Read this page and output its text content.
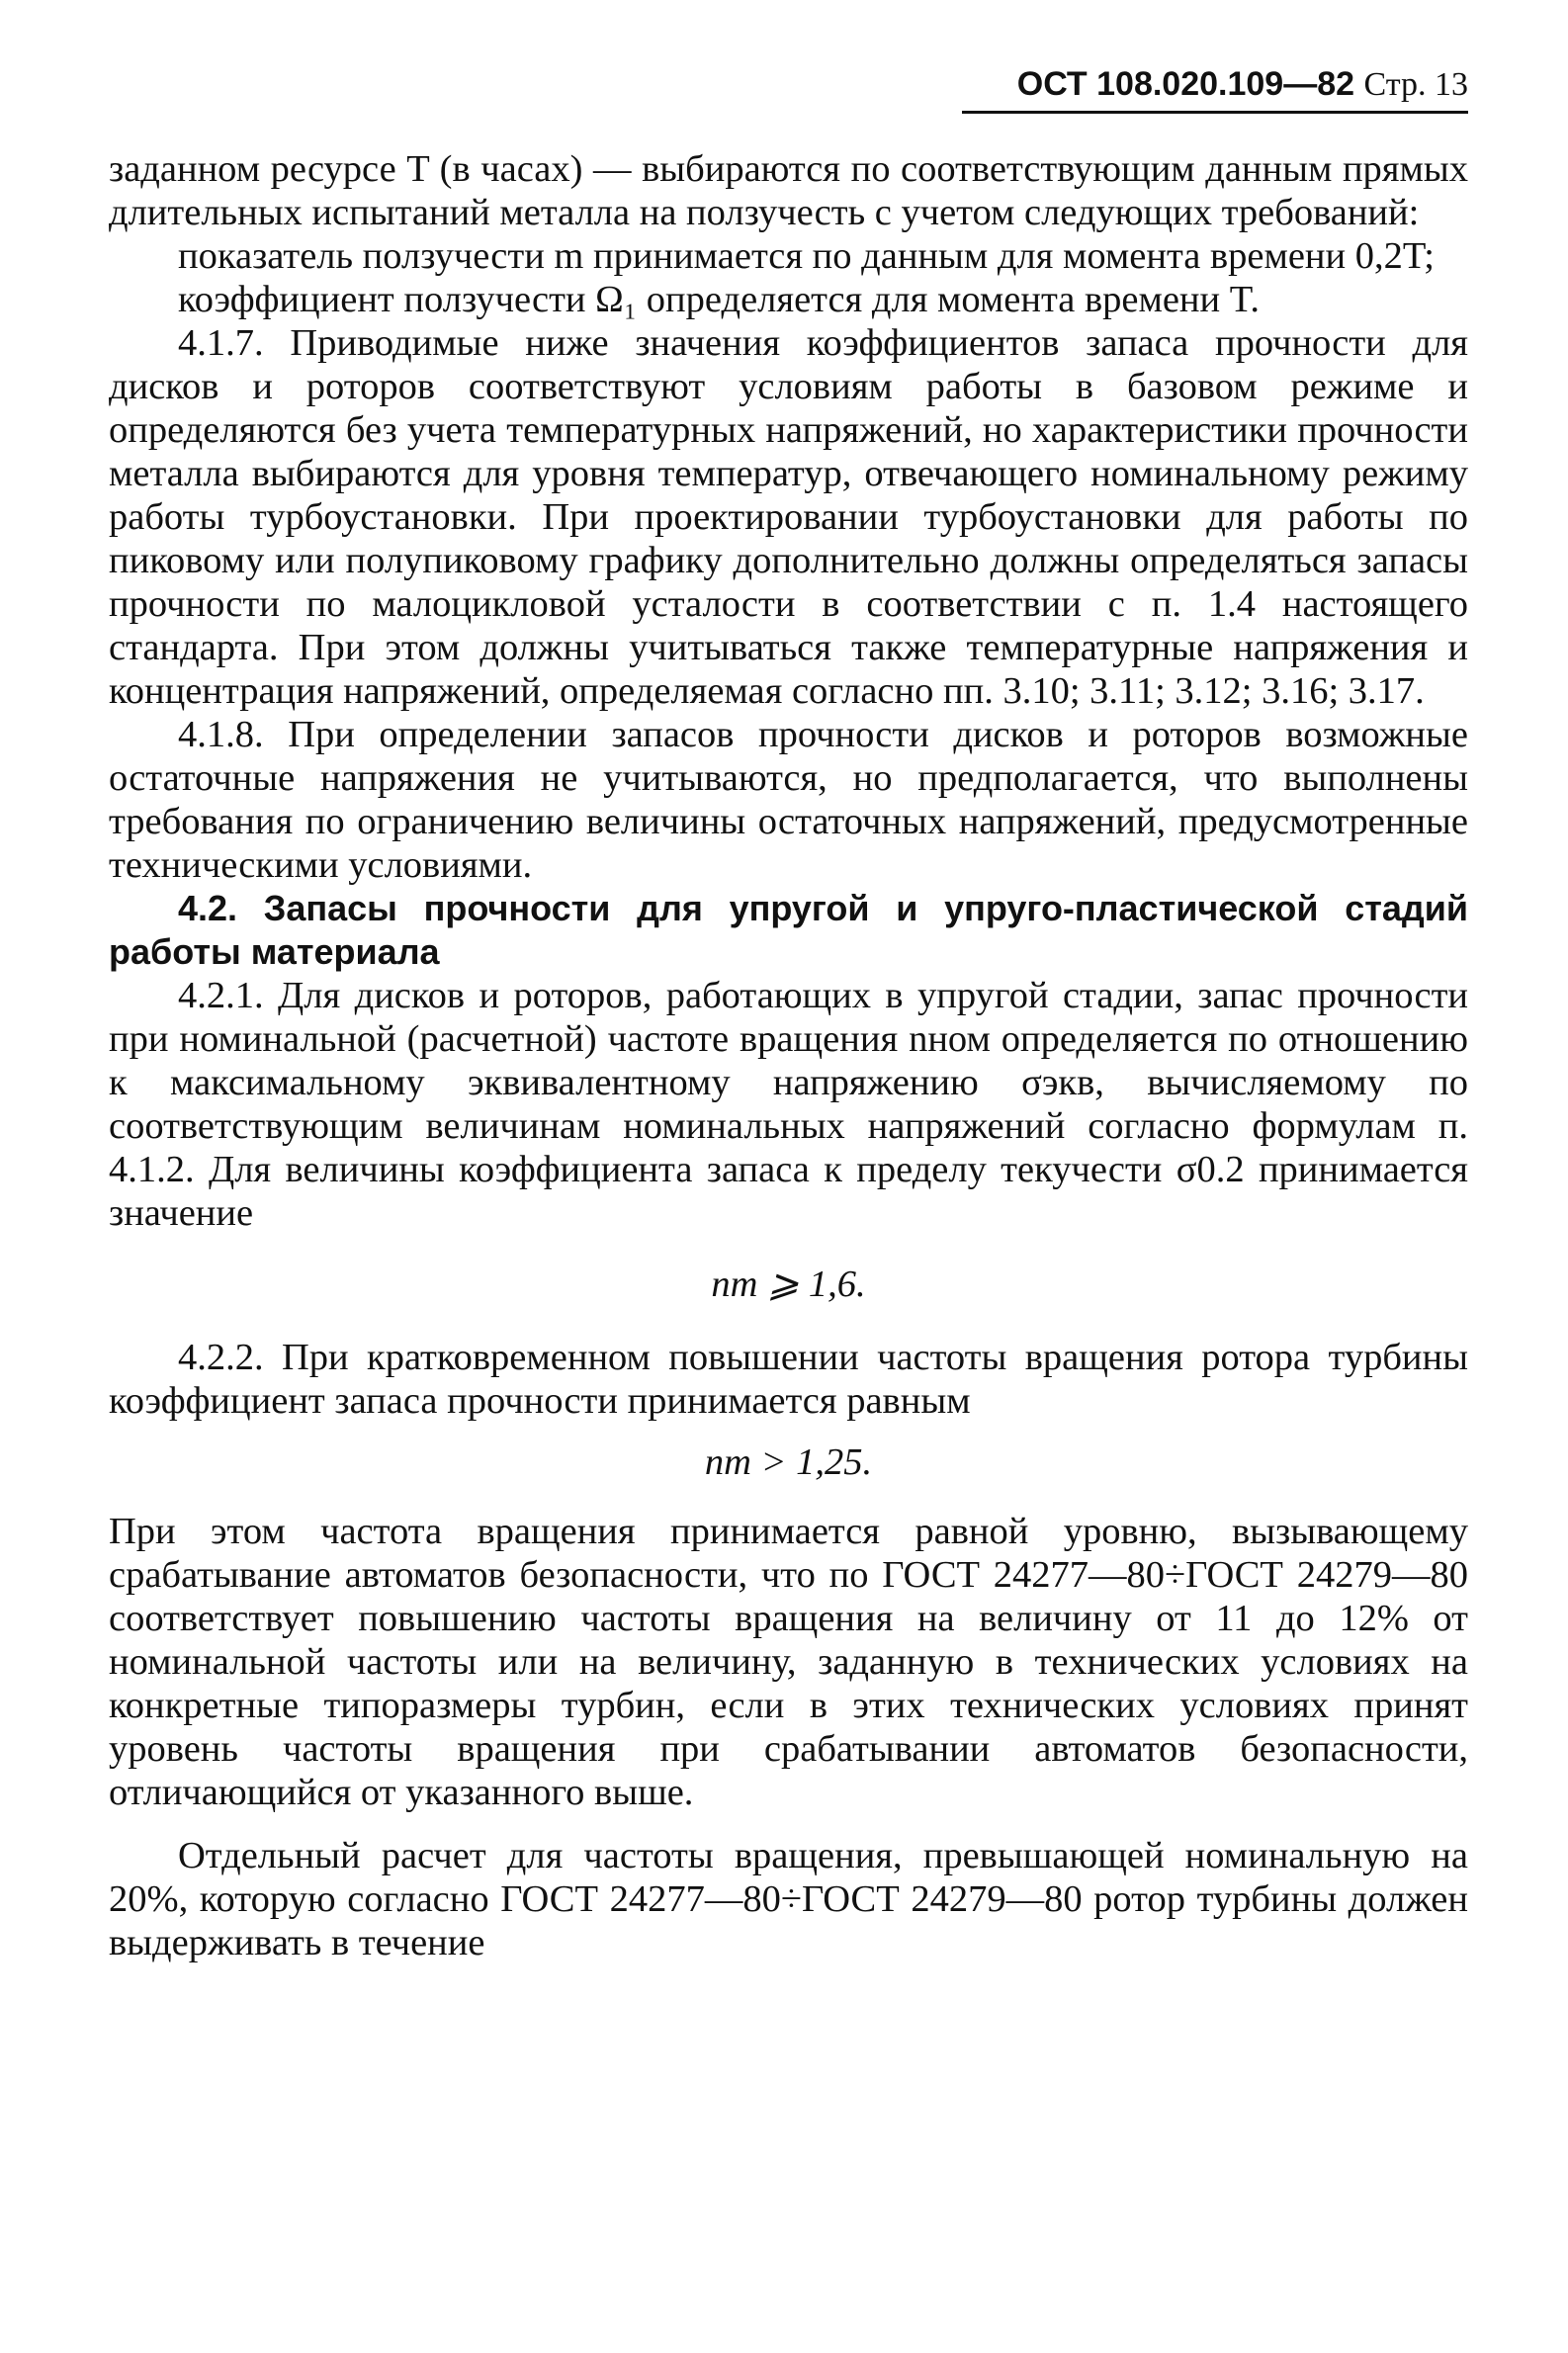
ОСТ 108.020.109—82 Стр. 13

заданном ресурсе T (в часах) — выбираются по соответствующим данным прямых длительных испытаний металла на ползучесть с учетом следующих требований:

показатель ползучести m принимается по данным для момента времени 0,2T;

коэффициент ползучести Ω₁ определяется для момента времени T.

4.1.7. Приводимые ниже значения коэффициентов запаса прочности для дисков и роторов соответствуют условиям работы в базовом режиме и определяются без учета температурных напряжений, но характеристики прочности металла выбираются для уровня температур, отвечающего номинальному режиму работы турбоустановки. При проектировании турбоустановки для работы по пиковому или полупиковому графику дополнительно должны определяться запасы прочности по малоцикловой усталости в соответствии с п. 1.4 настоящего стандарта. При этом должны учитываться также температурные напряжения и концентрация напряжений, определяемая согласно пп. 3.10; 3.11; 3.12; 3.16; 3.17.

4.1.8. При определении запасов прочности дисков и роторов возможные остаточные напряжения не учитываются, но предполагается, что выполнены требования по ограничению величины остаточных напряжений, предусмотренные техническими условиями.

4.2. Запасы прочности для упругой и упруго-пластической стадий работы материала

4.2.1. Для дисков и роторов, работающих в упругой стадии, запас прочности при номинальной (расчетной) частоте вращения nном определяется по отношению к максимальному эквивалентному напряжению σэкв, вычисляемому по соответствующим величинам номинальных напряжений согласно формулам п. 4.1.2. Для величины коэффициента запаса к пределу текучести σ0.2 принимается значение

nт ⩾ 1,6.

4.2.2. При кратковременном повышении частоты вращения ротора турбины коэффициент запаса прочности принимается равным

nт > 1,25.

При этом частота вращения принимается равной уровню, вызывающему срабатывание автоматов безопасности, что по ГОСТ 24277—80÷ГОСТ 24279—80 соответствует повышению частоты вращения на величину от 11 до 12% от номинальной частоты или на величину, заданную в технических условиях на конкретные типоразмеры турбин, если в этих технических условиях принят уровень частоты вращения при срабатывании автоматов безопасности, отличающийся от указанного выше.

Отдельный расчет для частоты вращения, превышающей номинальную на 20%, которую согласно ГОСТ 24277—80÷ГОСТ 24279—80 ротор турбины должен выдерживать в течение
